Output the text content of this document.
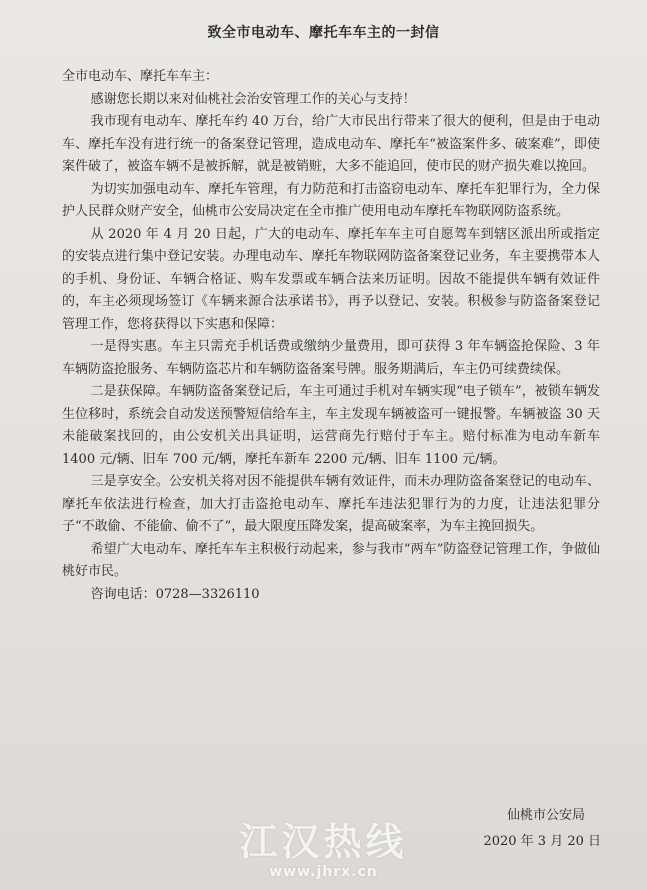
致全市电动车、摩托车车主的一封信

全市电动车、摩托车车主：

感谢您长期以来对仙桃社会治安管理工作的关心与支持！

我市现有电动车、摩托车约 40 万台，给广大市民出行带来了很大的便利，但是由于电动车、摩托车没有进行统一的备案登记管理，造成电动车、摩托车“被盗案件多、破案难”，即使案件破了，被盗车辆不是被拆解，就是被销赃，大多不能追回，使市民的财产损失难以挽回。

为切实加强电动车、摩托车管理，有力防范和打击盗窃电动车、摩托车犯罪行为，全力保护人民群众财产安全，仙桃市公安局决定在全市推广使用电动车摩托车物联网防盗系统。

从 2020 年 4 月 20 日起，广大的电动车、摩托车车主可自愿驾车到辖区派出所或指定的安装点进行集中登记安装。办理电动车、摩托车物联网防盗备案登记业务，车主要携带本人的手机、身份证、车辆合格证、购车发票或车辆合法来历证明。因故不能提供车辆有效证件的，车主必须现场签订《车辆来源合法承诺书》，再予以登记、安装。积极参与防盗备案登记管理工作，您将获得以下实惠和保障：

一是得实惠。车主只需充手机话费或缴纳少量费用，即可获得 3 年车辆盗抢保险、3 年车辆防盗抢服务、车辆防盗芯片和车辆防盗备案号牌。服务期满后，车主仍可续费续保。

二是获保障。车辆防盗备案登记后，车主可通过手机对车辆实现“电子锁车”，被锁车辆发生位移时，系统会自动发送预警短信给车主，车主发现车辆被盗可一键报警。车辆被盗 30 天未能破案找回的，由公安机关出具证明，运营商先行赔付于车主。赔付标准为电动车新车 1400 元/辆、旧车 700 元/辆，摩托车新车 2200 元/辆、旧车 1100 元/辆。

三是享安全。公安机关将对因不能提供车辆有效证件，而未办理防盗备案登记的电动车、摩托车依法进行检查，加大打击盗抢电动车、摩托车违法犯罪行为的力度，让违法犯罪分子“不敢偷、不能偷、偷不了”，最大限度压降发案，提高破案率，为车主挽回损失。

希望广大电动车、摩托车车主积极行动起来，参与我市“两车”防盗登记管理工作，争做仙桃好市民。

咨询电话：0728—3326110

仙桃市公安局
2020 年 3 月 20 日
江汉热线
www.jhrx.cn
